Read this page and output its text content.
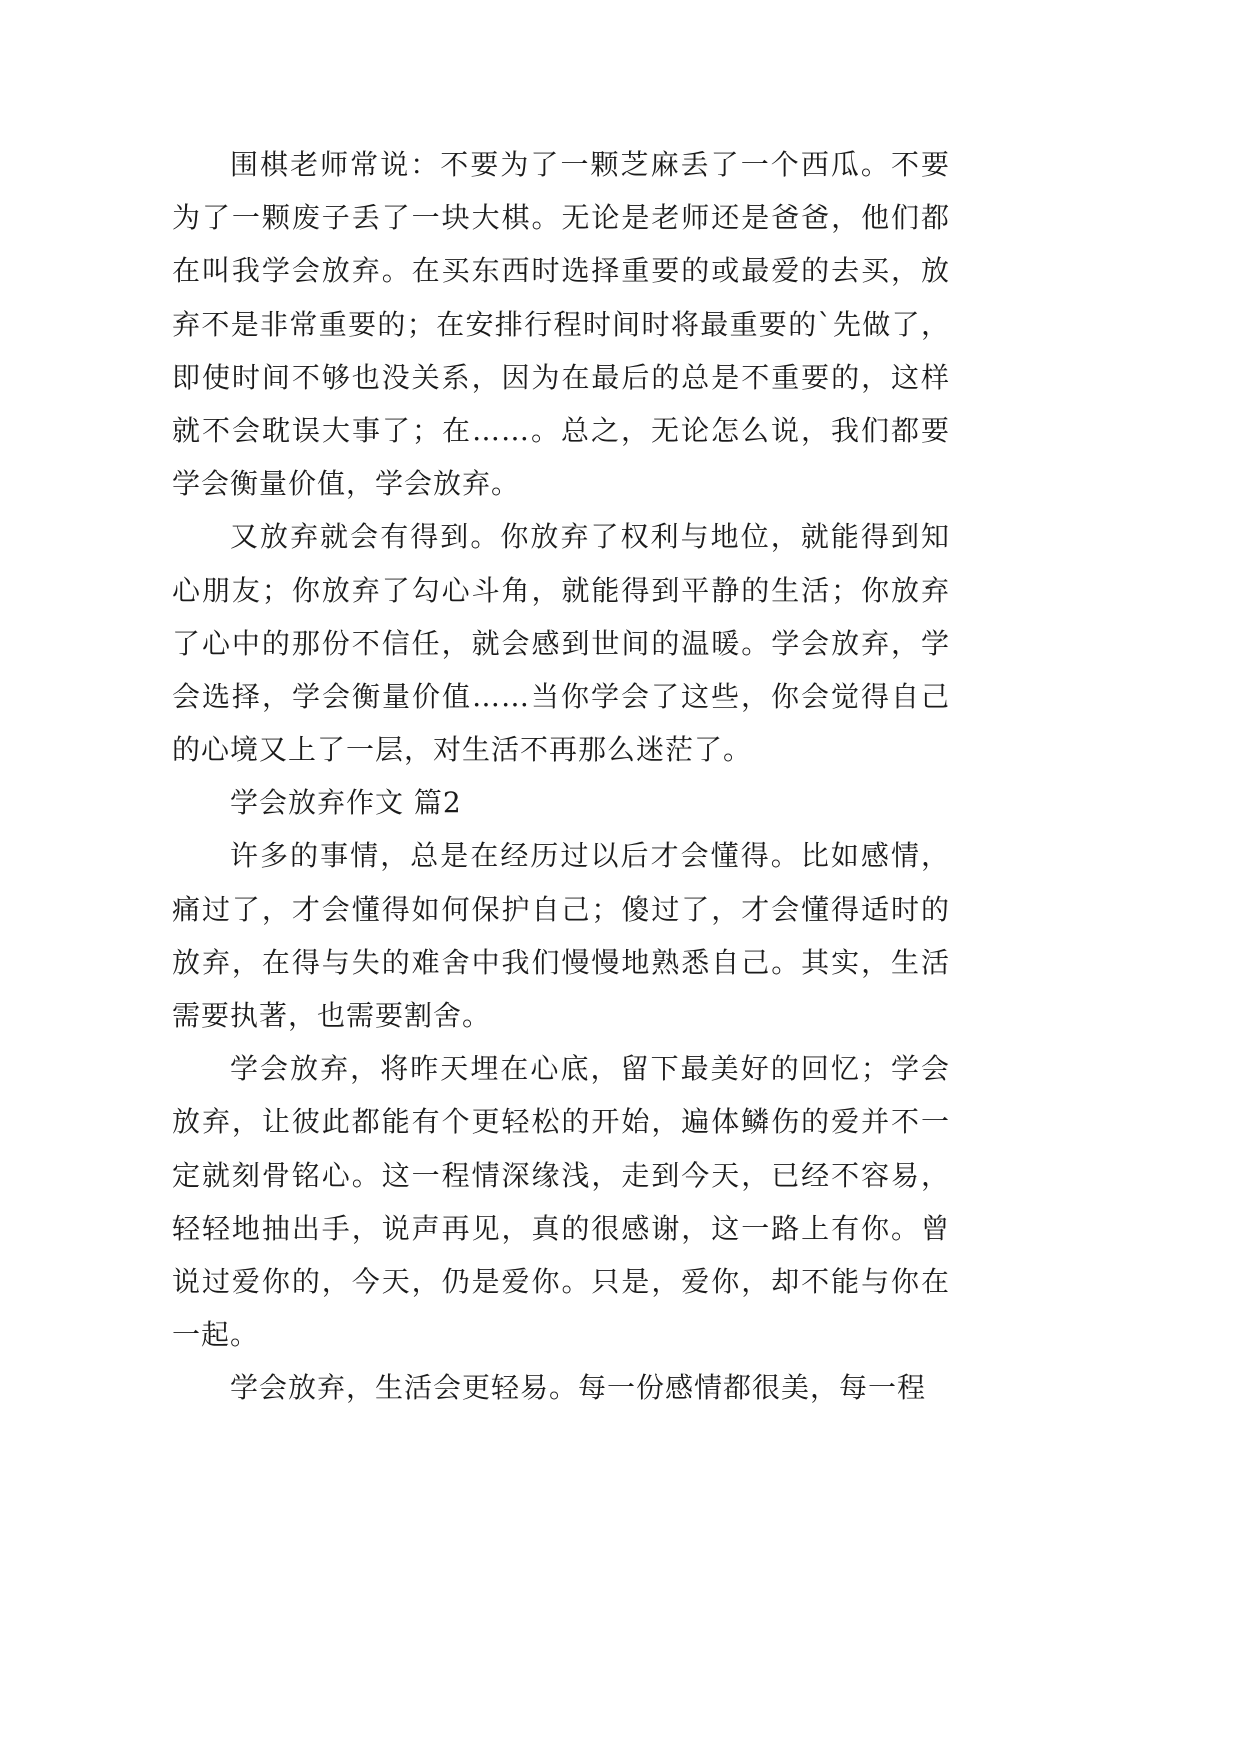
围棋老师常说：不要为了一颗芝麻丢了一个西瓜。不要
为了一颗废子丢了一块大棋。无论是老师还是爸爸，他们都
在叫我学会放弃。在买东西时选择重要的或最爱的去买，放
弃不是非常重要的；在安排行程时间时将最重要的`先做了，
即使时间不够也没关系，因为在最后的总是不重要的，这样
就不会耽误大事了；在……。总之，无论怎么说，我们都要
学会衡量价值，学会放弃。
又放弃就会有得到。你放弃了权利与地位，就能得到知
心朋友；你放弃了勾心斗角，就能得到平静的生活；你放弃
了心中的那份不信任，就会感到世间的温暖。学会放弃，学
会选择，学会衡量价值……当你学会了这些，你会觉得自己
的心境又上了一层，对生活不再那么迷茫了。
学会放弃作文 篇2
许多的事情，总是在经历过以后才会懂得。比如感情，
痛过了，才会懂得如何保护自己；傻过了，才会懂得适时的
放弃，在得与失的难舍中我们慢慢地熟悉自己。其实，生活
需要执著，也需要割舍。
学会放弃，将昨天埋在心底，留下最美好的回忆；学会
放弃，让彼此都能有个更轻松的开始，遍体鳞伤的爱并不一
定就刻骨铭心。这一程情深缘浅，走到今天，已经不容易，
轻轻地抽出手，说声再见，真的很感谢，这一路上有你。曾
说过爱你的，今天，仍是爱你。只是，爱你，却不能与你在
一起。
学会放弃，生活会更轻易。每一份感情都很美，每一程
